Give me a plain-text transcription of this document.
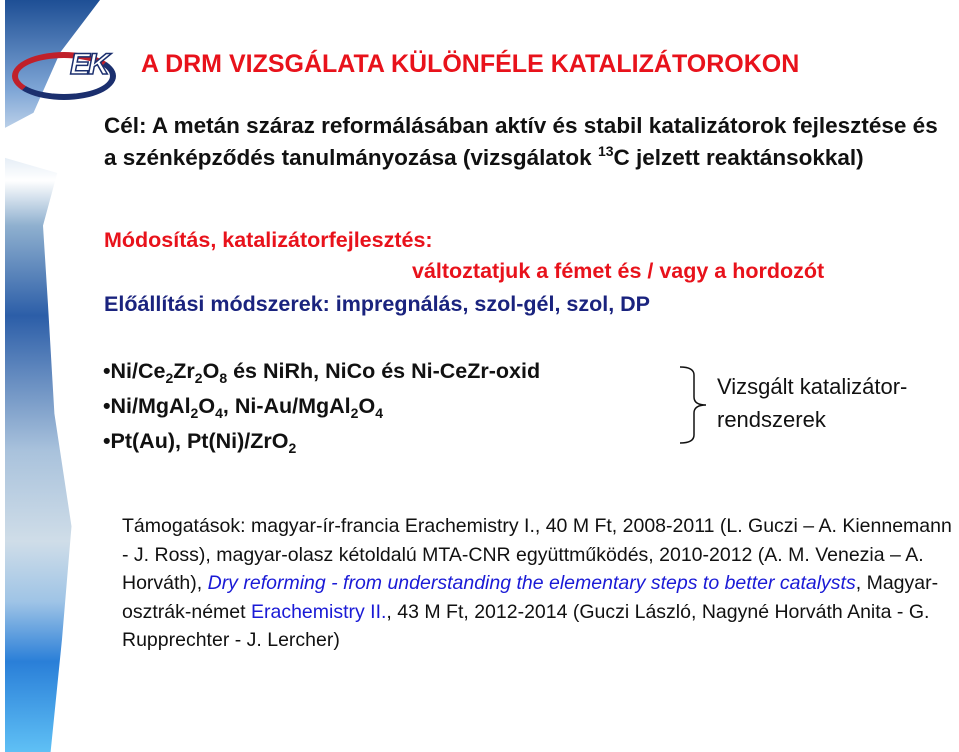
EK A DRM VIZSGÁLATA KÜLÖNFÉLE KATALIZÁTOROKON
Cél: A metán száraz reformálásában aktív és stabil katalizátorok fejlesztése és a szénképződés tanulmányozása (vizsgálatok $^{13}$C jelzett reaktánsokkal)
Módosítás, katalizátorfejlesztés:
változtatjuk a fémet és / vagy a hordozót
Előállítási módszerek: impregnálás, szol-gél, szol, DP
$•Ni/Ce_2Zr_2O_8$ és NiRh, NiCo és Ni-CeZr-oxid
$•Ni/MgAl_2O_4$, $Ni-Au/MgAl_2O_4$
•Pt(Au), Pt(Ni)/ZrO$_2$
Vizsgált katalizátor-
rendszerek
Támogatások: magyar-ír-francia Erachemistry I., 40 M Ft, 2008-2011 (L. Guczi – A. Kiennemann - J. Ross), magyar-olasz kétoldalú MTA-CNR együttműködés, 2010-2012 (A. M. Venezia – A. Horváth), Dry reforming - from understanding the elementary steps to better catalysts, Magyar-osztrák-német Erachemistry II., 43 M Ft, 2012-2014 (Guczi László, Nagyné Horváth Anita - G. Rupprechter - J. Lercher)
